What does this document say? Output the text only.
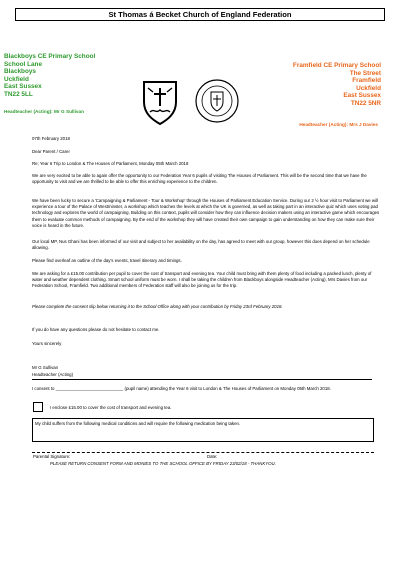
St Thomas á Becket Church of England Federation
Blackboys CE Primary School
School Lane
Blackboys
Uckfield
East Sussex
TN22 5LL
Headteacher (Acting): Mr G Sullivan
Framfield CE Primary School
The Street
Framfield
Uckfield
East Sussex
TN22 5NR
Headteacher (Acting): Mrs J Davies
07th February 2018
Dear Parent / Carer
Re; Year 6 Trip to London & The Houses of Parliament, Monday 05th March 2018
We are very excited to be able to again offer the opportunity to our Federation Year 6 pupils of visiting The Houses of Parliament. This will be the second time that we have the opportunity to visit and we are thrilled to be able to offer this enriching experience to the children.
We have been lucky to secure a 'Campaigning & Parliament - Tour & Workshop' through the Houses of Parliament Education Service. During our 2 ½ hour visit to Parliament we will experience a tour of the Palace of Westminster, a workshop which teaches the levels at which the UK is governed, as well as taking part in an interactive quiz which uses voting pad technology and explores the world of campaigning. Building on this context, pupils will consider how they can influence decision makers using an interactive game which encourages them to evaluate common methods of campaigning. By the end of the workshop they will have created their own campaign to gain understanding on how they can make sure their voice is heard in the future.
Our local MP, Nus Ghani has been informed of our visit and subject to her availability on the day, has agreed to meet with our group, however this does depend on her schedule allowing.
Please find overleaf an outline of the day's events, travel itinerary and timings.
We are asking for a £15.00 contribution per pupil to cover the cost of transport and evening tea. Your child must bring with them plenty of food including a packed lunch, plenty of water and weather dependent clothing. Smart school uniform must be worn. I shall be taking the children from Blackboys alongside Headteacher (Acting), Mrs Davies from our Federation School, Framfield. Two additional members of Federation staff will also be joining us for the trip.
Please complete the consent slip below returning it to the School Office along with your contribution by Friday 23rd February 2018.
If you do have any questions please do not hesitate to contact me.
Yours sincerely
Mr G Sullivan
Headteacher (Acting)
I consent to ____________________________ (pupil name) attending the Year 6 visit to London & The Houses of Parliament on Monday 05th March 2018.
I enclose £15.00 to cover the cost of transport and evening tea.
My child suffers from the following medical conditions and will require the following medication being taken.
Parental Signature:	Date:
PLEASE RETURN CONSENT FORM AND MONIES TO THE SCHOOL OFFICE BY FRIDAY 23/02/18 - THANKYOU.
